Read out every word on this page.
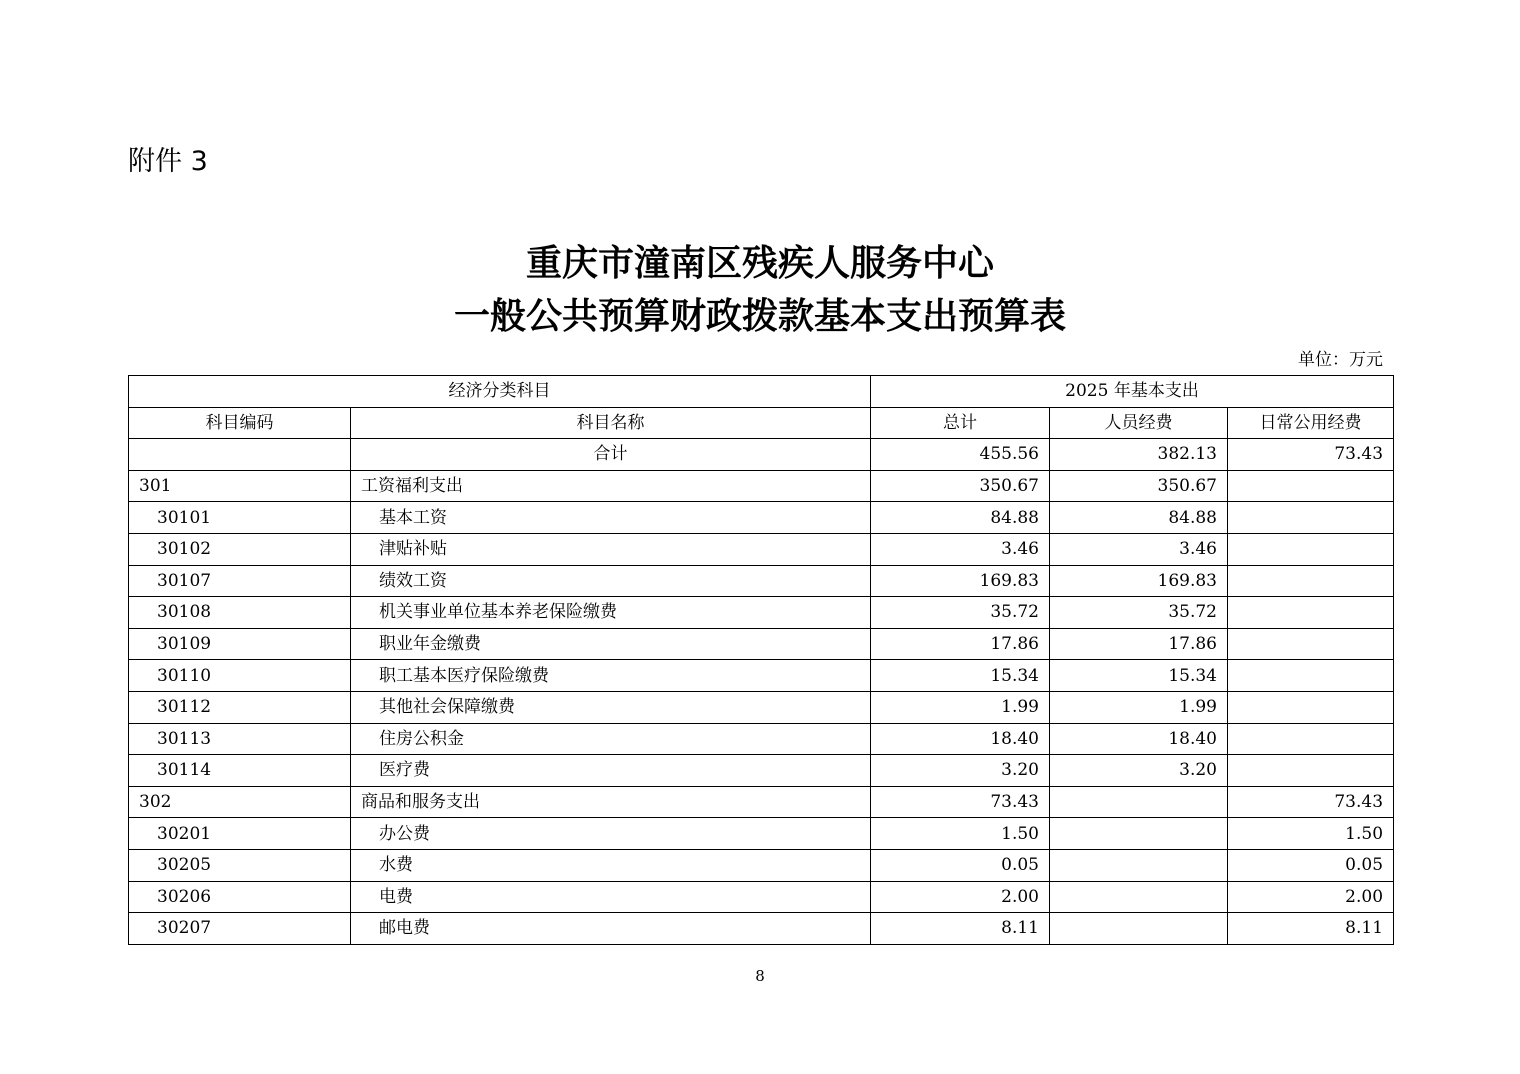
附件 3
重庆市潼南区残疾人服务中心
一般公共预算财政拨款基本支出预算表
单位：万元
经济分类科目		2025 年基本支出		
科目编码	科目名称	总计	人员经费	日常公用经费
	合计	455.56	382.13	73.43
301	工资福利支出	350.67	350.67	
30101	基本工资	84.88	84.88	
30102	津贴补贴	3.46	3.46	
30107	绩效工资	169.83	169.83	
30108	机关事业单位基本养老保险缴费	35.72	35.72	
30109	职业年金缴费	17.86	17.86	
30110	职工基本医疗保险缴费	15.34	15.34	
30112	其他社会保障缴费	1.99	1.99	
30113	住房公积金	18.40	18.40	
30114	医疗费	3.20	3.20	
302	商品和服务支出	73.43		73.43
30201	办公费	1.50		1.50
30205	水费	0.05		0.05
30206	电费	2.00		2.00
30207	邮电费	8.11		8.11
8
